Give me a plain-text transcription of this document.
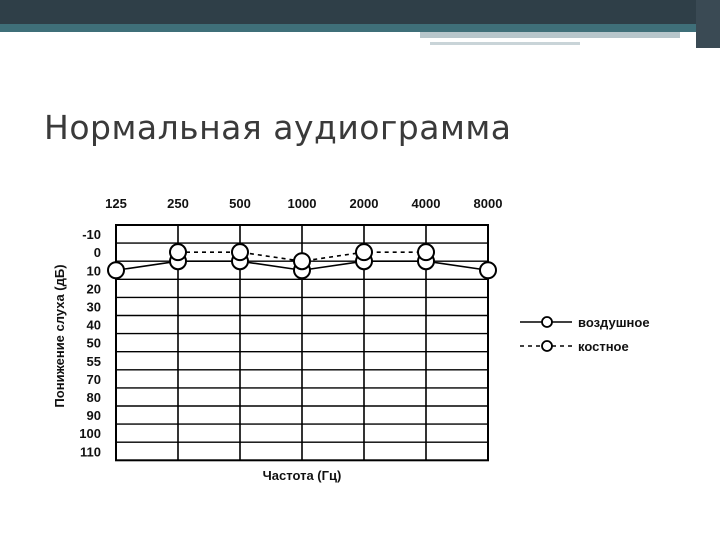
Нормальная аудиограмма
125	250	500	1000	2000	4000	8000
-10
0
10
20
30
40
50
55
70
80
90
100
110
Частота (Гц)
Понижение слуха (дБ)	воздушное
костное
